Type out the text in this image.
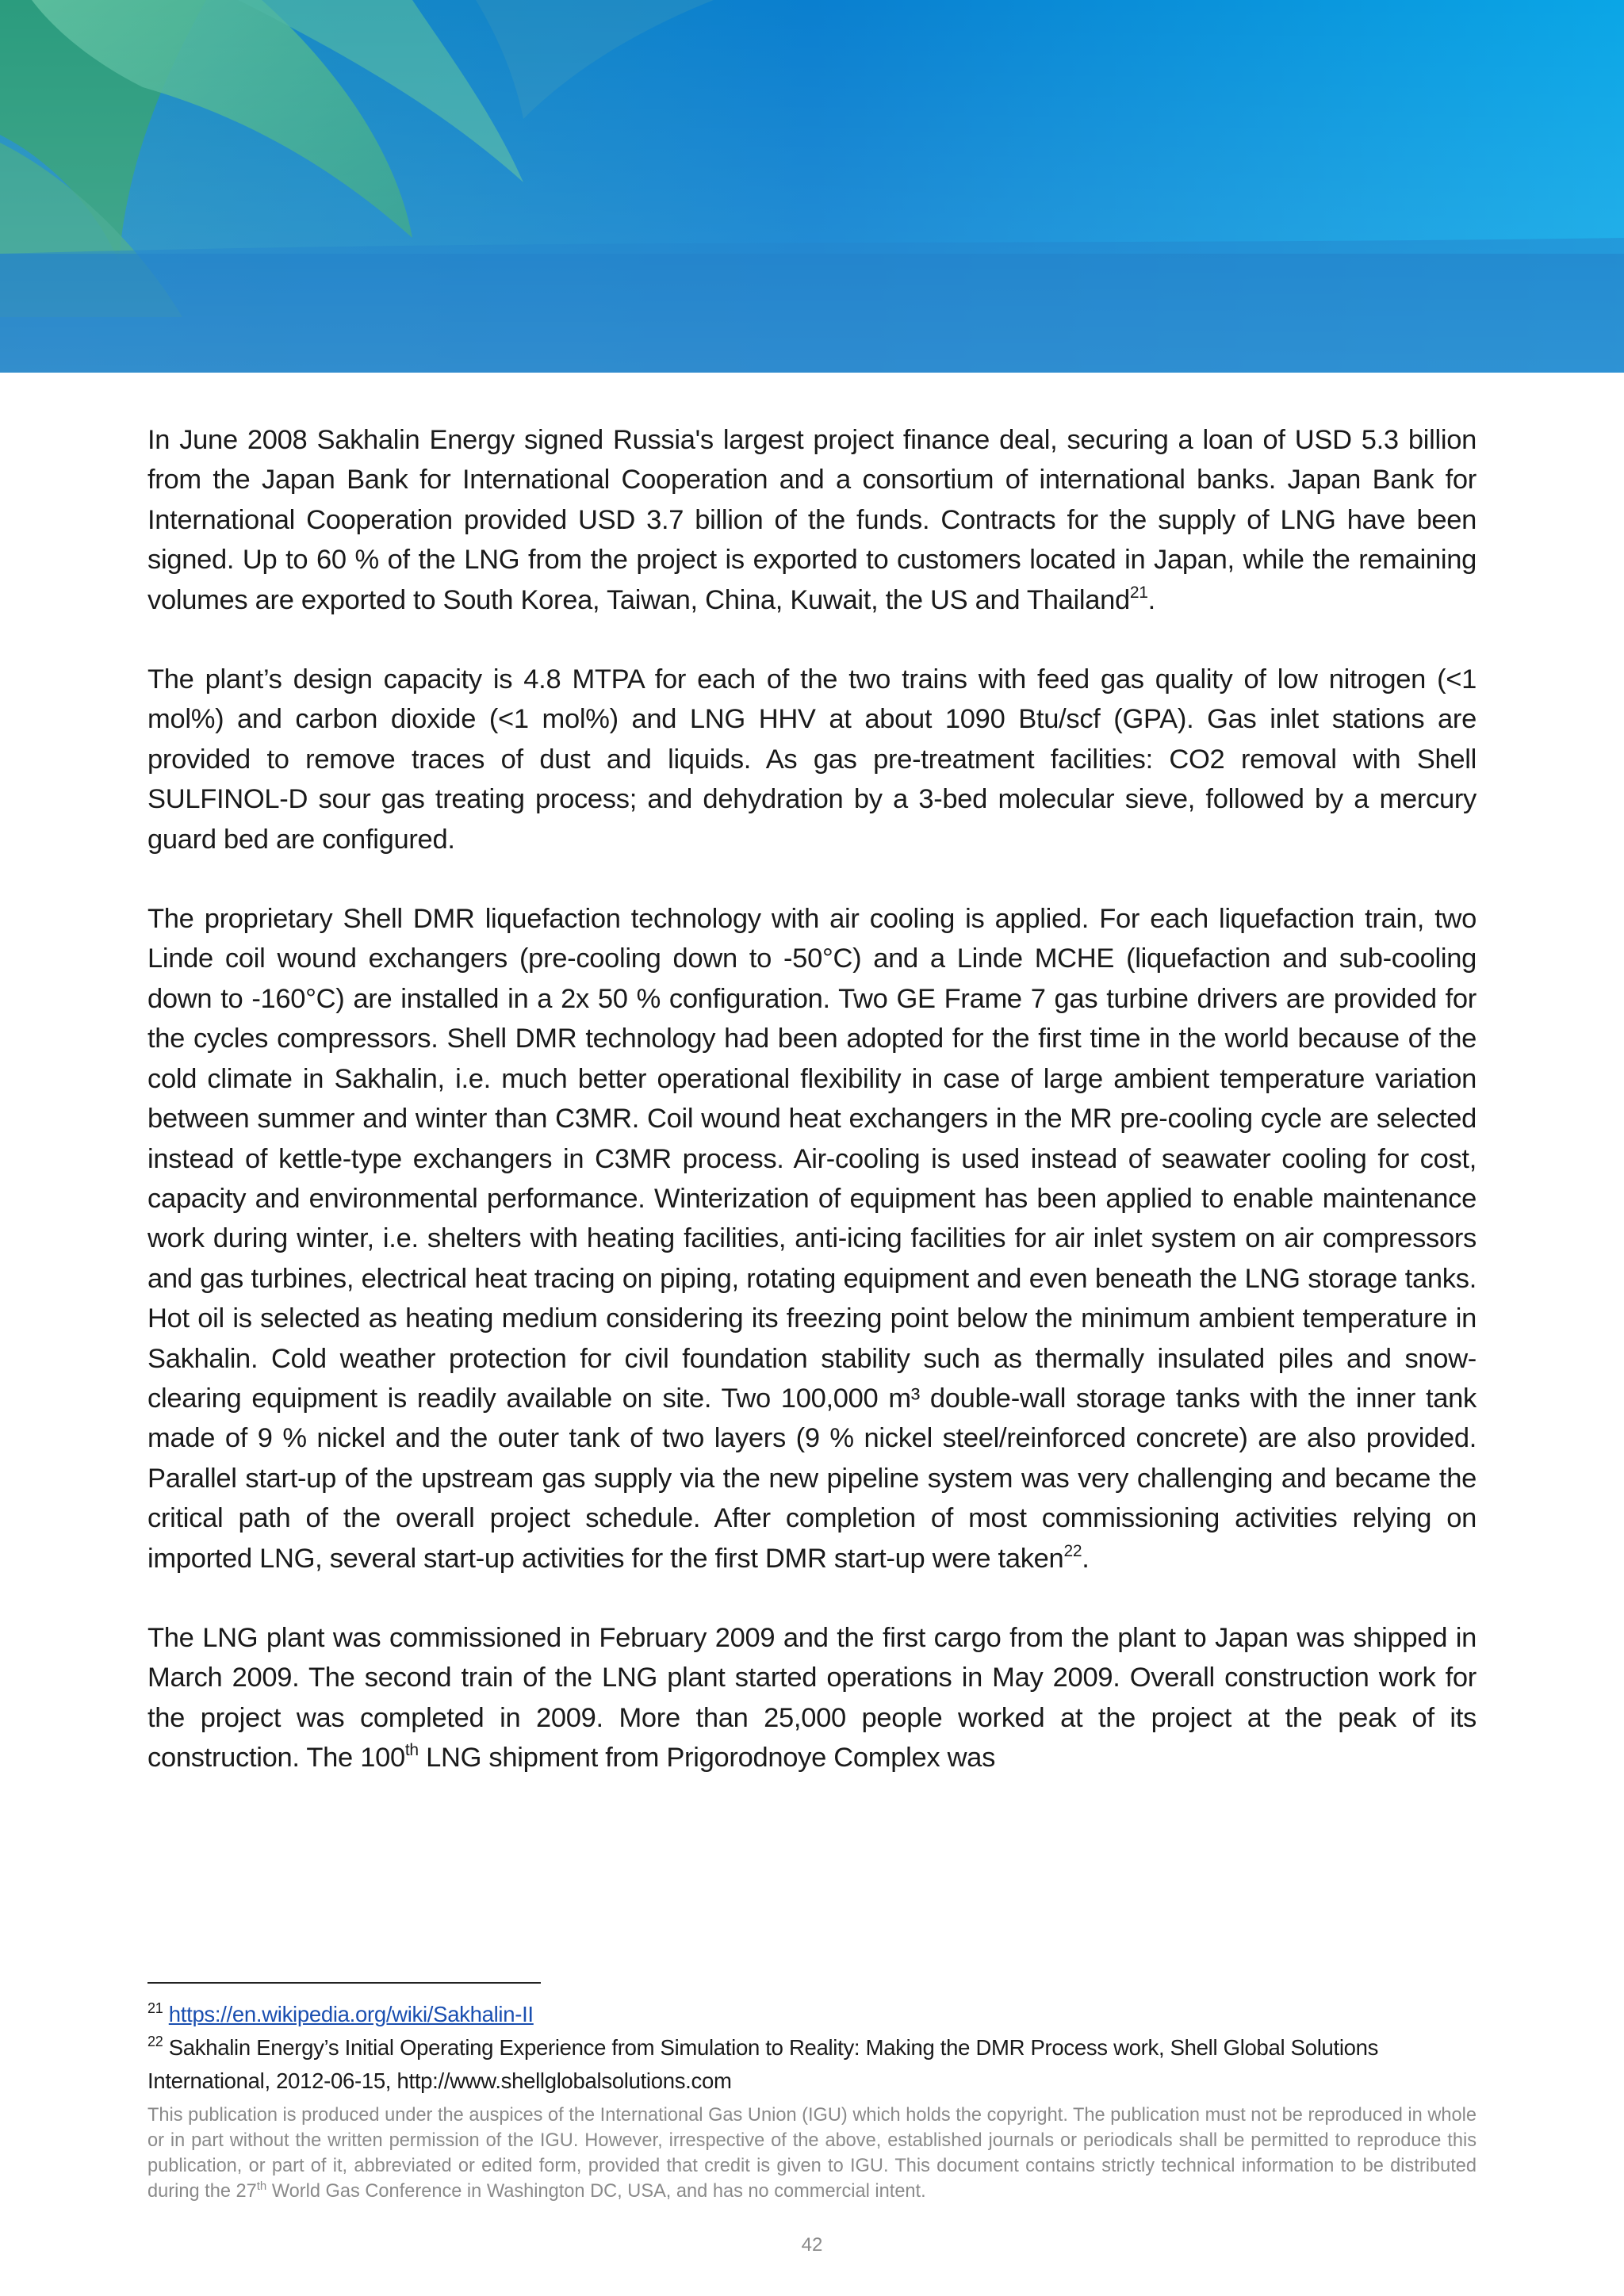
In June 2008 Sakhalin Energy signed Russia's largest project finance deal, securing a loan of USD 5.3 billion from the Japan Bank for International Cooperation and a consortium of international banks. Japan Bank for International Cooperation provided USD 3.7 billion of the funds. Contracts for the supply of LNG have been signed. Up to 60 % of the LNG from the project is exported to customers located in Japan, while the remaining volumes are exported to South Korea, Taiwan, China, Kuwait, the US and Thailand$^{21}$.

The plant’s design capacity is 4.8 MTPA for each of the two trains with feed gas quality of low nitrogen (<1 mol%) and carbon dioxide (<1 mol%) and LNG HHV at about 1090 Btu/scf (GPA). Gas inlet stations are provided to remove traces of dust and liquids. As gas pre-treatment facilities: CO2 removal with Shell SULFINOL-D sour gas treating process; and dehydration by a 3-bed molecular sieve, followed by a mercury guard bed are configured.

The proprietary Shell DMR liquefaction technology with air cooling is applied. For each liquefaction train, two Linde coil wound exchangers (pre-cooling down to -50°C) and a Linde MCHE (liquefaction and sub-cooling down to -160°C) are installed in a 2x 50 % configuration. Two GE Frame 7 gas turbine drivers are provided for the cycles compressors. Shell DMR technology had been adopted for the first time in the world because of the cold climate in Sakhalin, i.e. much better operational flexibility in case of large ambient temperature variation between summer and winter than C3MR. Coil wound heat exchangers in the MR pre-cooling cycle are selected instead of kettle-type exchangers in C3MR process. Air-cooling is used instead of seawater cooling for cost, capacity and environmental performance. Winterization of equipment has been applied to enable maintenance work during winter, i.e. shelters with heating facilities, anti-icing facilities for air inlet system on air compressors and gas turbines, electrical heat tracing on piping, rotating equipment and even beneath the LNG storage tanks. Hot oil is selected as heating medium considering its freezing point below the minimum ambient temperature in Sakhalin. Cold weather protection for civil foundation stability such as thermally insulated piles and snow-clearing equipment is readily available on site. Two 100,000 m³ double-wall storage tanks with the inner tank made of 9 % nickel and the outer tank of two layers (9 % nickel steel/reinforced concrete) are also provided. Parallel start-up of the upstream gas supply via the new pipeline system was very challenging and became the critical path of the overall project schedule. After completion of most commissioning activities relying on imported LNG, several start-up activities for the first DMR start-up were taken$^{22}$.

The LNG plant was commissioned in February 2009 and the first cargo from the plant to Japan was shipped in March 2009. The second train of the LNG plant started operations in May 2009. Overall construction work for the project was completed in 2009. More than 25,000 people worked at the project at the peak of its construction. The 100th LNG shipment from Prigorodnoye Complex was

$^{21}$ https://en.wikipedia.org/wiki/Sakhalin-II

$^{22}$ Sakhalin Energy’s Initial Operating Experience from Simulation to Reality: Making the DMR Process work, Shell Global Solutions International, 2012-06-15, http://www.shellglobalsolutions.com

This publication is produced under the auspices of the International Gas Union (IGU) which holds the copyright. The publication must not be reproduced in whole or in part without the written permission of the IGU. However, irrespective of the above, established journals or periodicals shall be permitted to reproduce this publication, or part of it, abbreviated or edited form, provided that credit is given to IGU. This document contains strictly technical information to be distributed during the 27th World Gas Conference in Washington DC, USA, and has no commercial intent.
42
